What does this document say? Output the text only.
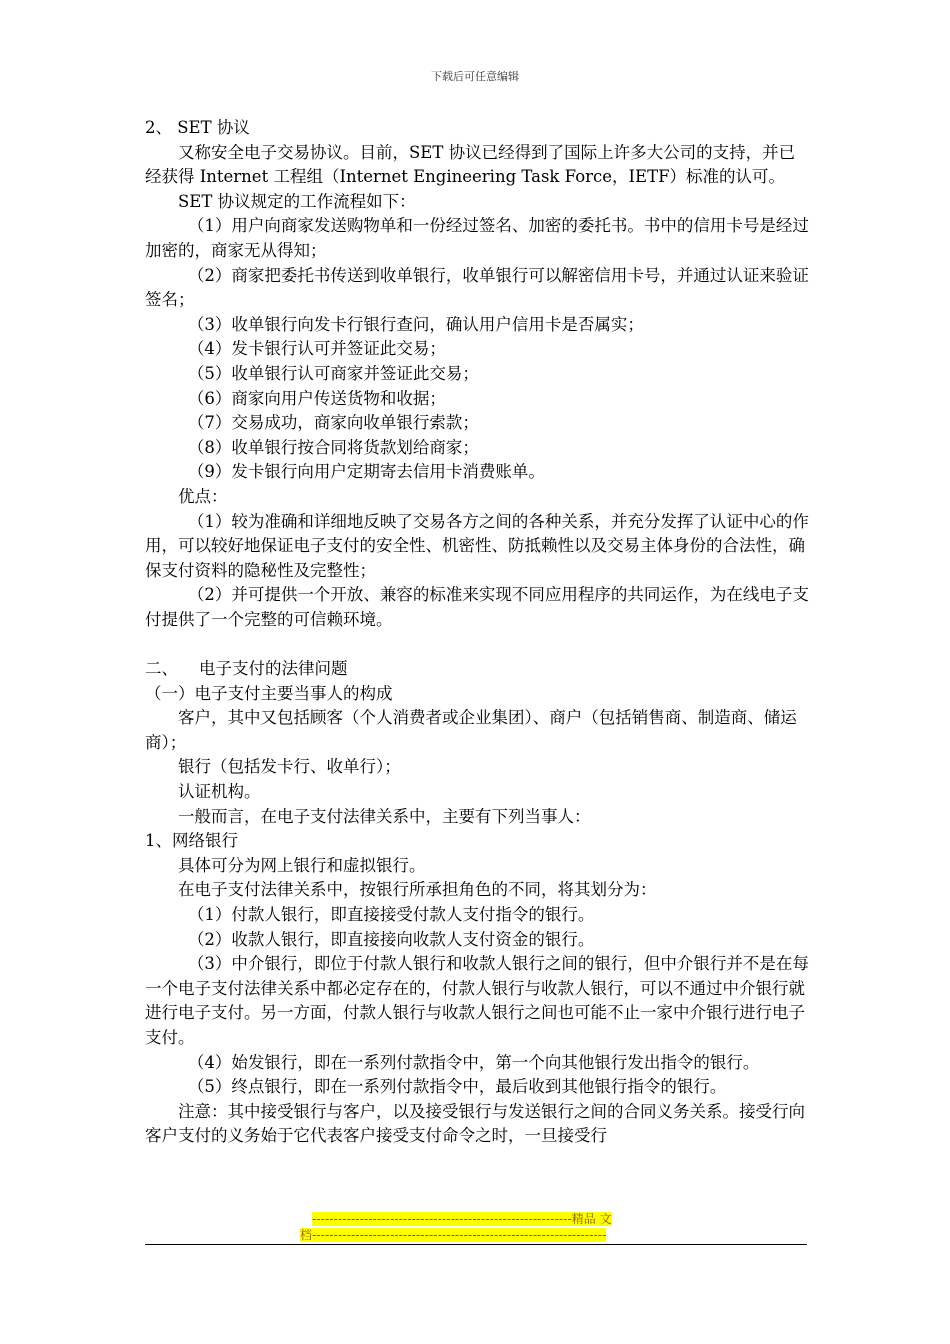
下载后可任意编辑

2、 SET 协议

又称安全电子交易协议。目前，SET 协议已经得到了国际上许多大公司的支持，并已经获得 Internet 工程组（Internet Engineering Task Force，IETF）标准的认可。

SET 协议规定的工作流程如下：

（1）用户向商家发送购物单和一份经过签名、加密的委托书。书中的信用卡号是经过加密的，商家无从得知；

（2）商家把委托书传送到收单银行，收单银行可以解密信用卡号，并通过认证来验证签名；

（3）收单银行向发卡行银行查问，确认用户信用卡是否属实；

（4）发卡银行认可并签证此交易；

（5）收单银行认可商家并签证此交易；

（6）商家向用户传送货物和收据；

（7）交易成功，商家向收单银行索款；

（8）收单银行按合同将货款划给商家；

（9）发卡银行向用户定期寄去信用卡消费账单。

优点：

（1）较为准确和详细地反映了交易各方之间的各种关系，并充分发挥了认证中心的作用，可以较好地保证电子支付的安全性、机密性、防抵赖性以及交易主体身份的合法性，确保支付资料的隐秘性及完整性；

（2）并可提供一个开放、兼容的标准来实现不同应用程序的共同运作，为在线电子支付提供了一个完整的可信赖环境。

二、    电子支付的法律问题

（一）电子支付主要当事人的构成

客户，其中又包括顾客（个人消费者或企业集团）、商户（包括销售商、制造商、储运商）；

银行（包括发卡行、收单行）；

认证机构。

一般而言，在电子支付法律关系中，主要有下列当事人：

1、网络银行

具体可分为网上银行和虚拟银行。

在电子支付法律关系中，按银行所承担角色的不同，将其划分为：

（1）付款人银行，即直接接受付款人支付指令的银行。

（2）收款人银行，即直接接向收款人支付资金的银行。

（3）中介银行，即位于付款人银行和收款人银行之间的银行，但中介银行并不是在每一个电子支付法律关系中都必定存在的，付款人银行与收款人银行，可以不通过中介银行就进行电子支付。另一方面，付款人银行与收款人银行之间也可能不止一家中介银行进行电子支付。

（4）始发银行，即在一系列付款指令中，第一个向其他银行发出指令的银行。

（5）终点银行，即在一系列付款指令中，最后收到其他银行指令的银行。

注意：其中接受银行与客户，以及接受银行与发送银行之间的合同义务关系。接受行向客户支付的义务始于它代表客户接受支付命令之时，一旦接受行

------------------------------------------------------------精品 文
档--------------------------------------------------------------------
